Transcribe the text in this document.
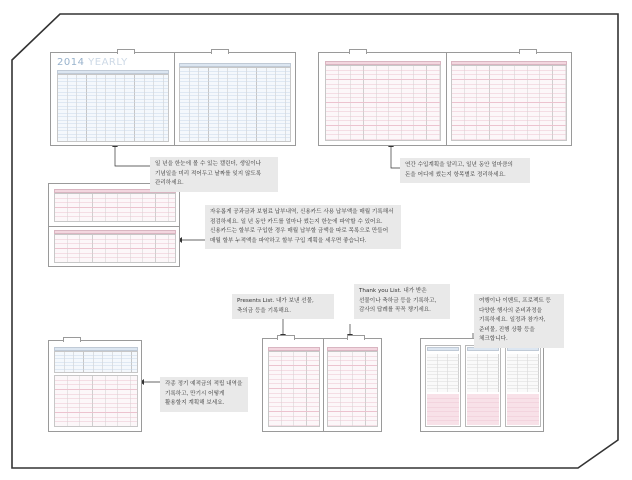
2014 YEARLY
일 년을 한눈에 볼 수 있는 캘린더, 생일이나 기념일을 미리 적어두고 날짜를 잊지 않도록 관리하세요.
연간 수입계획을 알리고, 일년 동안 얼마큼의 돈을 어디에 썼는지 항목별로 정리하세요.
자유롭게 공과금과 보험료 납부내역, 신용카드 사용 납부액을 매월 기록해서 점검하세요. 일 년 동안 카드를 얼마나 썼는지 한눈에 파악할 수 있어요. 신용카드는 할부로 구입한 경우 매월 납부할 금액을 따로 목록으로 만들어 매월 할부 누적액을 파악하고 할부 구입 계획을 세우면 좋습니다.
Presents List. 내가 보낸 선물, 축의금 등을 기록해요.
Thank you List. 내가 받은 선물이나 축하금 등을 기록하고, 감사의 답례를 꼭꼭 챙기세요.
여행이나 이벤트, 프로젝트 등 다양한 행사의 준비과정을 기록하세요. 일정과 참가자, 준비물, 진행 상황 등을 체크합니다.
각종 정기 예적금의 적립 내역을 기록하고, 만기시 어떻게 활용할지 계획해 보세요.
